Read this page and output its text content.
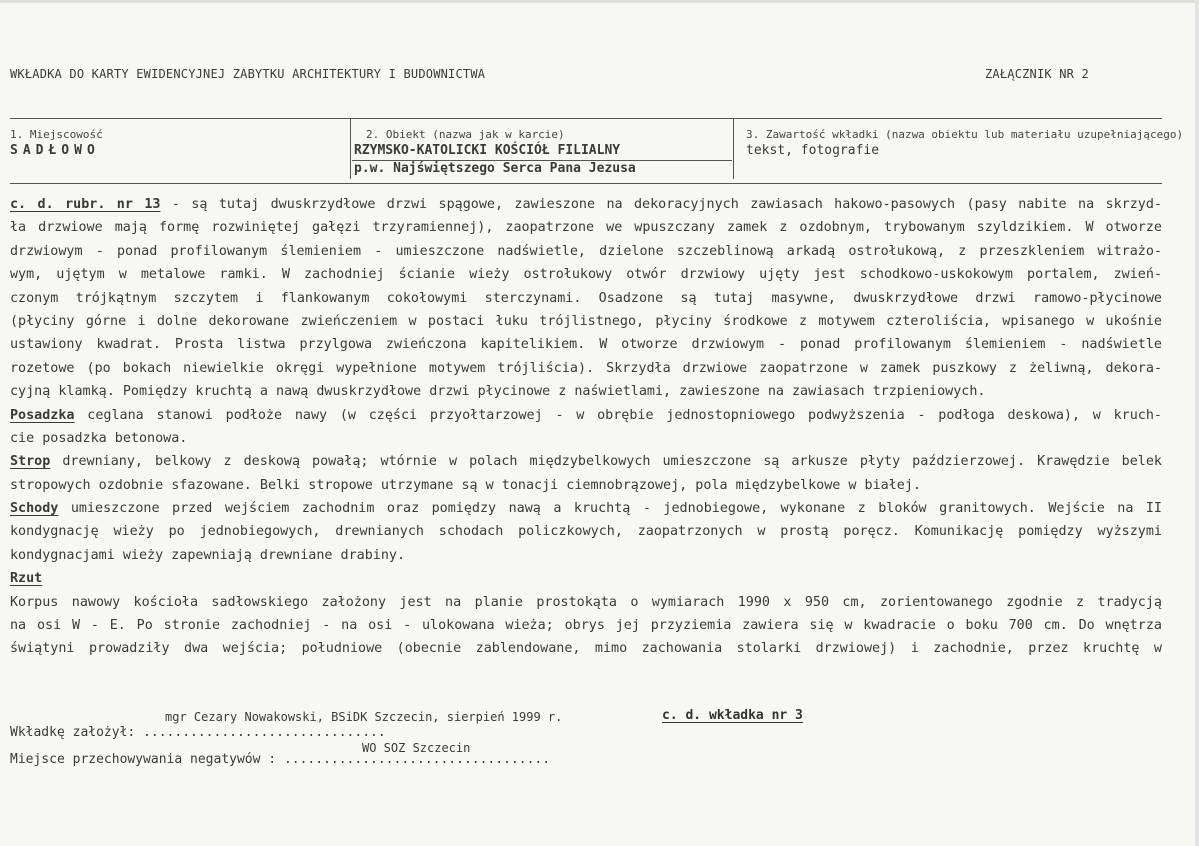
WKŁADKA DO KARTY EWIDENCYJNEJ ZABYTKU ARCHITEKTURY I BUDOWNICTWA	ZAŁĄCZNIK NR 2
1. Miejscowość
SADŁOWO
2. Obiekt (nazwa jak w karcie)
RZYMSKO-KATOLICKI KOŚCIÓŁ FILIALNY
p.w. Najświętszego Serca Pana Jezusa
3. Zawartość wkładki (nazwa obiektu lub materiału uzupełniającego)
tekst, fotografie
c. d. rubr. nr 13 - są tutaj dwuskrzydłowe drzwi spągowe, zawieszone na dekoracyjnych zawiasach hakowo-pasowych (pasy nabite na skrzyd-
ła drzwiowe mają formę rozwiniętej gałęzi trzyramiennej), zaopatrzone we wpuszczany zamek z ozdobnym, trybowanym szyldzikiem. W otworze
drzwiowym - ponad profilowanym ślemieniem - umieszczone nadświetle, dzielone szczeblinową arkadą ostrołukową, z przeszkleniem witrażo-
wym, ujętym w metalowe ramki. W zachodniej ścianie wieży ostrołukowy otwór drzwiowy ujęty jest schodkowo-uskokowym portalem, zwień-
czonym trójkątnym szczytem i flankowanym cokołowymi sterczynami. Osadzone są tutaj masywne, dwuskrzydłowe drzwi ramowo-płycinowe
(płyciny górne i dolne dekorowane zwieńczeniem w postaci łuku trójlistnego, płyciny środkowe z motywem czteroliścia, wpisanego w ukośnie
ustawiony kwadrat. Prosta listwa przylgowa zwieńczona kapitelikiem. W otworze drzwiowym - ponad profilowanym ślemieniem - nadświetle
rozetowe (po bokach niewielkie okręgi wypełnione motywem trójliścia). Skrzydła drzwiowe zaopatrzone w zamek puszkowy z żeliwną, dekora-
cyjną klamką. Pomiędzy kruchtą a nawą dwuskrzydłowe drzwi płycinowe z naświetlami, zawieszone na zawiasach trzpieniowych.
Posadzka ceglana stanowi podłoże nawy (w części przyołtarzowej - w obrębie jednostopniowego podwyższenia - podłoga deskowa), w kruch-
cie posadzka betonowa.
Strop drewniany, belkowy z deskową powałą; wtórnie w polach międzybelkowych umieszczone są arkusze płyty paździerzowej. Krawędzie belek
stropowych ozdobnie sfazowane. Belki stropowe utrzymane są w tonacji ciemnobrązowej, pola międzybelkowe w białej.
Schody umieszczone przed wejściem zachodnim oraz pomiędzy nawą a kruchtą - jednobiegowe, wykonane z bloków granitowych. Wejście na II
kondygnację wieży po jednobiegowych, drewnianych schodach policzkowych, zaopatrzonych w prostą poręcz. Komunikację pomiędzy wyższymi
kondygnacjami wieży zapewniają drewniane drabiny.
Rzut
Korpus nawowy kościoła sadłowskiego założony jest na planie prostokąta o wymiarach 1990 x 950 cm, zorientowanego zgodnie z tradycją
na osi W - E. Po stronie zachodniej - na osi - ulokowana wieża; obrys jej przyziemia zawiera się w kwadracie o boku 700 cm. Do wnętrza
świątyni prowadziły dwa wejścia; południowe (obecnie zablendowane, mimo zachowania stolarki drzwiowej) i zachodnie, przez kruchtę w
mgr Cezary Nowakowski, BSiDK Szczecin, sierpień 1999 r.
Wkładkę założył: ...............................
c. d. wkładka nr 3
WO SOZ Szczecin
Miejsce przechowywania negatywów : ..................................
